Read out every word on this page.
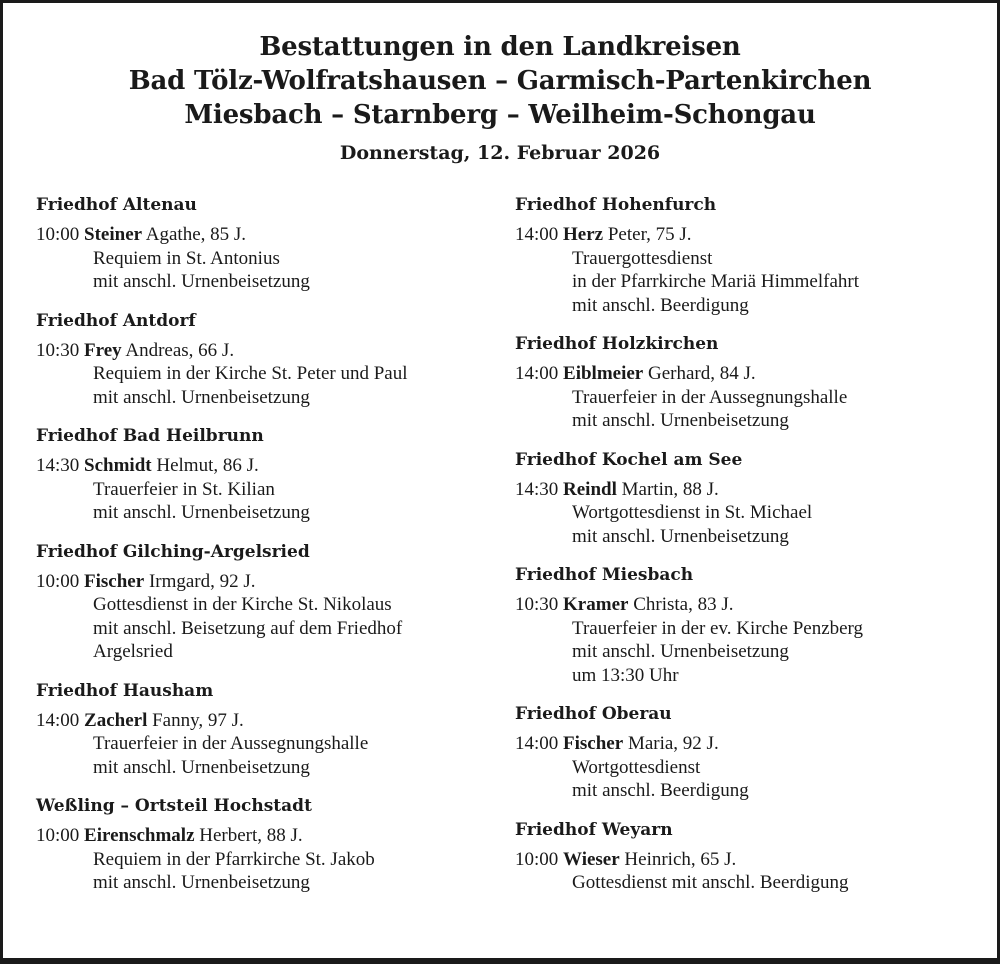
Bestattungen in den Landkreisen
Bad Tölz-Wolfratshausen – Garmisch-Partenkirchen
Miesbach – Starnberg – Weilheim-Schongau
Donnerstag, 12. Februar 2026
Friedhof Altenau
10:00 Steiner Agathe, 85 J.
Requiem in St. Antonius
mit anschl. Urnenbeisetzung
Friedhof Antdorf
10:30 Frey Andreas, 66 J.
Requiem in der Kirche St. Peter und Paul
mit anschl. Urnenbeisetzung
Friedhof Bad Heilbrunn
14:30 Schmidt Helmut, 86 J.
Trauerfeier in St. Kilian
mit anschl. Urnenbeisetzung
Friedhof Gilching-Argelsried
10:00 Fischer Irmgard, 92 J.
Gottesdienst in der Kirche St. Nikolaus
mit anschl. Beisetzung auf dem Friedhof
Argelsried
Friedhof Hausham
14:00 Zacherl Fanny, 97 J.
Trauerfeier in der Aussegnungshalle
mit anschl. Urnenbeisetzung
Weßling – Ortsteil Hochstadt
10:00 Eirenschmalz Herbert, 88 J.
Requiem in der Pfarrkirche St. Jakob
mit anschl. Urnenbeisetzung
Friedhof Hohenfurch
14:00 Herz Peter, 75 J.
Trauergottesdienst
in der Pfarrkirche Mariä Himmelfahrt
mit anschl. Beerdigung
Friedhof Holzkirchen
14:00 Eiblmeier Gerhard, 84 J.
Trauerfeier in der Aussegnungshalle
mit anschl. Urnenbeisetzung
Friedhof Kochel am See
14:30 Reindl Martin, 88 J.
Wortgottesdienst in St. Michael
mit anschl. Urnenbeisetzung
Friedhof Miesbach
10:30 Kramer Christa, 83 J.
Trauerfeier in der ev. Kirche Penzberg
mit anschl. Urnenbeisetzung
um 13:30 Uhr
Friedhof Oberau
14:00 Fischer Maria, 92 J.
Wortgottesdienst
mit anschl. Beerdigung
Friedhof Weyarn
10:00 Wieser Heinrich, 65 J.
Gottesdienst mit anschl. Beerdigung
